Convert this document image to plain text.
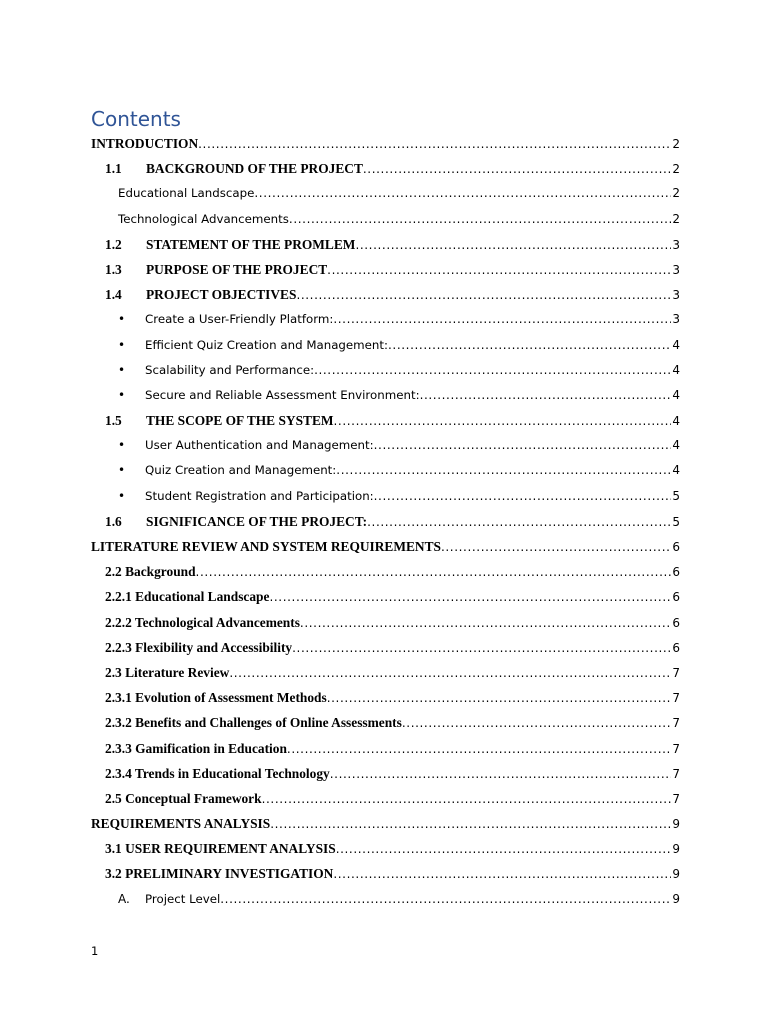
Contents
INTRODUCTION .....	2
1.1	BACKGROUND OF THE PROJECT .....	2
Educational Landscape .....	2
Technological Advancements .....	2
1.2	STATEMENT OF THE PROMLEM .....	3
1.3	PURPOSE OF THE PROJECT .....	3
1.4	PROJECT OBJECTIVES .....	3
•	Create a User-Friendly Platform: .....	3
•	Efficient Quiz Creation and Management: .....	4
•	Scalability and Performance: .....	4
•	Secure and Reliable Assessment Environment: .....	4
1.5	THE SCOPE OF THE SYSTEM .....	4
•	User Authentication and Management: .....	4
•	Quiz Creation and Management: .....	4
•	Student Registration and Participation: .....	5
1.6	SIGNIFICANCE OF THE PROJECT: .....	5
LITERATURE REVIEW AND SYSTEM REQUIREMENTS .....	6
2.2 Background .....	6
2.2.1 Educational Landscape .....	6
2.2.2 Technological Advancements .....	6
2.2.3 Flexibility and Accessibility .....	6
2.3 Literature Review .....	7
2.3.1 Evolution of Assessment Methods .....	7
2.3.2 Benefits and Challenges of Online Assessments .....	7
2.3.3 Gamification in Education .....	7
2.3.4 Trends in Educational Technology .....	7
2.5 Conceptual Framework .....	7
REQUIREMENTS ANALYSIS .....	9
3.1 USER REQUIREMENT ANALYSIS .....	9
3.2 PRELIMINARY INVESTIGATION .....	9
A.	Project Level .....	9
1
